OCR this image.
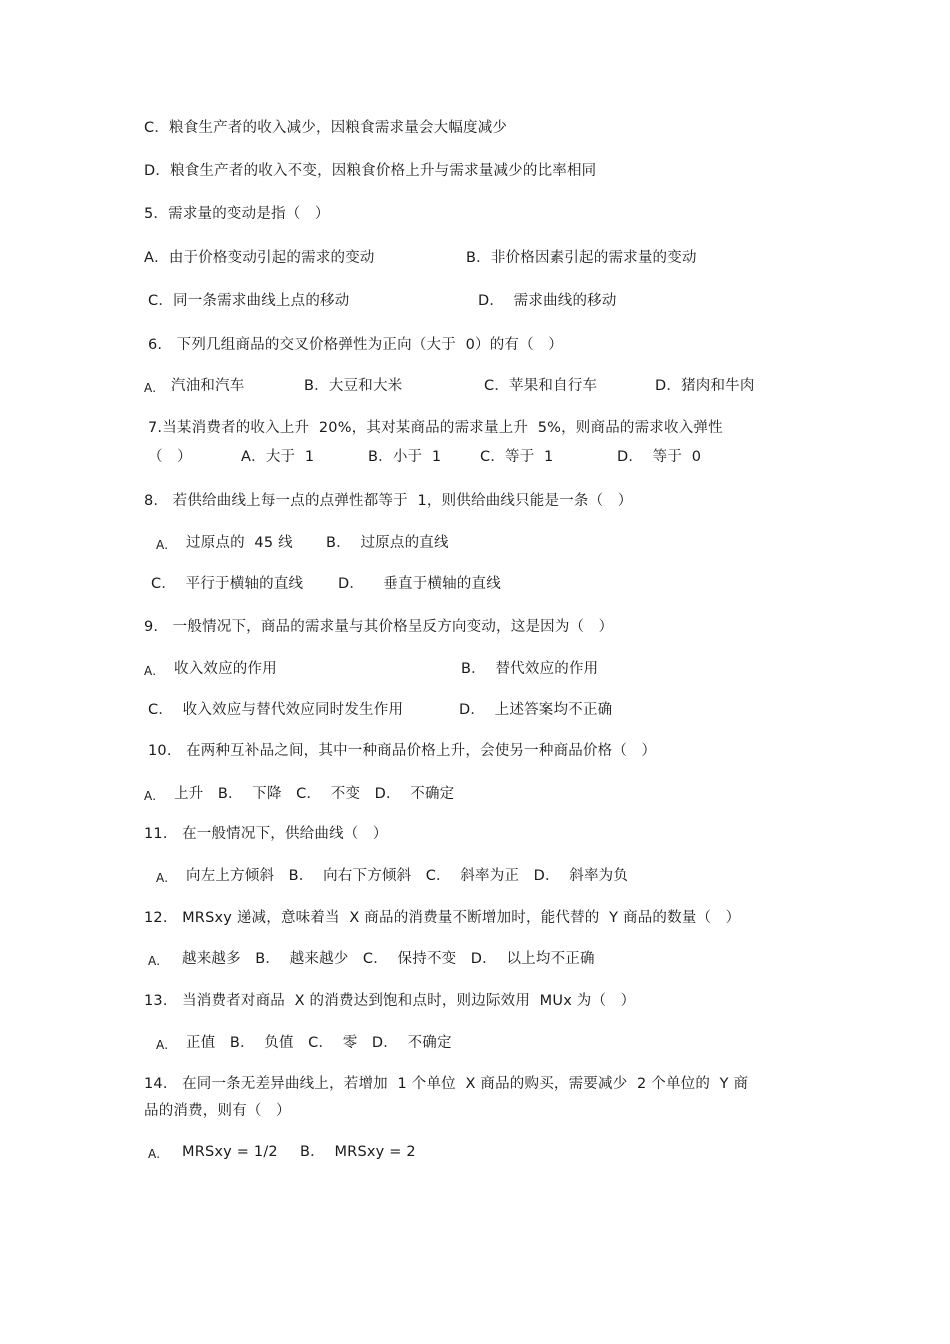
C．粮食生产者的收入减少，因粮食需求量会大幅度减少
D．粮食生产者的收入不变，因粮食价格上升与需求量减少的比率相同
5．需求量的变动是指（   ）
A．由于价格变动引起的需求的变动	B．非价格因素引起的需求量的变动
C．同一条需求曲线上点的移动	D．  需求曲线的移动
6.   下列几组商品的交叉价格弹性为正向（大于  0）的有（   ）
A. 汽油和汽车	B．大豆和大米	C．苹果和自行车	D．猪肉和牛肉
7.当某消费者的收入上升  20%，其对某商品的需求量上升  5%，则商品的需求收入弹性
（   ）	A．大于  1	B．小于  1	C．等于  1	D．  等于  0
8.   若供给曲线上每一点的点弹性都等于  1，则供给曲线只能是一条（   ）
A. 过原点的  45 线 B．  过原点的直线
C．  平行于横轴的直线 D．    垂直于横轴的直线
9.   一般情况下，商品的需求量与其价格呈反方向变动，这是因为（   ）
A. 收入效应的作用	B．  替代效应的作用
C．  收入效应与替代效应同时发生作用	D．  上述答案均不正确
10.   在两种互补品之间，其中一种商品价格上升，会使另一种商品价格（   ）
A. 上升   B．  下降   C．  不变   D．  不确定
11.   在一般情况下，供给曲线（   ）
A. 向左上方倾斜   B．  向右下方倾斜   C．  斜率为正   D．  斜率为负
12.   MRSxy 递减，意味着当  X 商品的消费量不断增加时，能代替的  Y 商品的数量（   ）
A. 越来越多   B．  越来越少   C．  保持不变   D．  以上均不正确
13.   当消费者对商品  X 的消费达到饱和点时，则边际效用  MUx 为（   ）
A. 正值   B．  负值   C．  零   D．  不确定
14.   在同一条无差异曲线上，若增加  1 个单位  X 商品的购买，需要减少  2 个单位的  Y 商
品的消费，则有（   ）
A. MRSxy = 1/2 B．  MRSxy = 2
